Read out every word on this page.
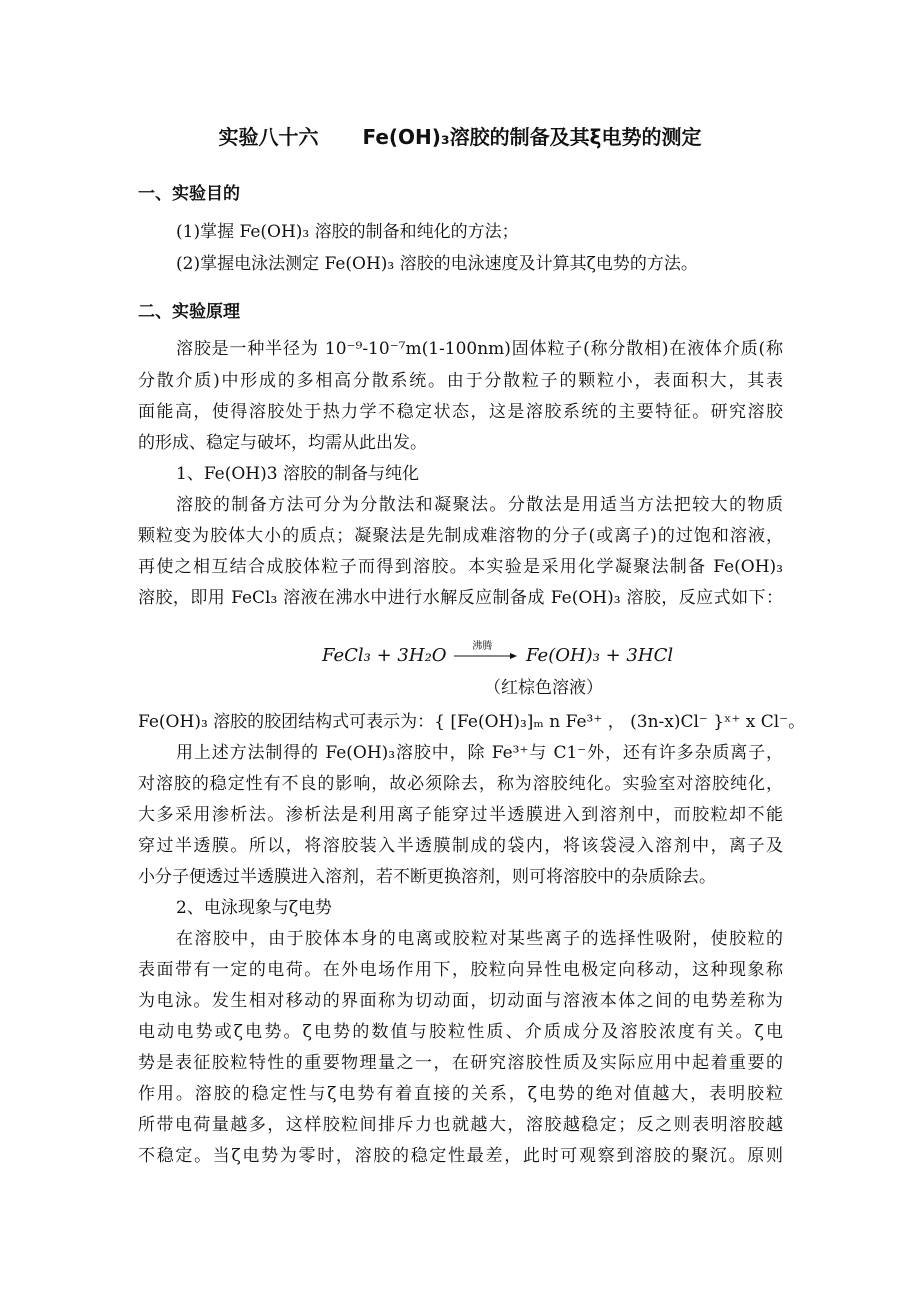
实验八十六 Fe(OH)₃溶胶的制备及其ξ电势的测定
一、实验目的
(1)掌握 Fe(OH)₃ 溶胶的制备和纯化的方法；
(2)掌握电泳法测定 Fe(OH)₃ 溶胶的电泳速度及计算其ζ电势的方法。
二、实验原理
溶胶是一种半径为 10⁻⁹-10⁻⁷m(1-100nm)固体粒子(称分散相)在液体介质(称
分散介质)中形成的多相高分散系统。由于分散粒子的颗粒小，表面积大，其表
面能高，使得溶胶处于热力学不稳定状态，这是溶胶系统的主要特征。研究溶胶
的形成、稳定与破坏，均需从此出发。
1、Fe(OH)3 溶胶的制备与纯化
溶胶的制备方法可分为分散法和凝聚法。分散法是用适当方法把较大的物质
颗粒变为胶体大小的质点；凝聚法是先制成难溶物的分子(或离子)的过饱和溶液，
再使之相互结合成胶体粒子而得到溶胶。本实验是采用化学凝聚法制备 Fe(OH)₃
溶胶，即用 FeCl₃ 溶液在沸水中进行水解反应制备成 Fe(OH)₃ 溶胶，反应式如下：
FeCl₃ + 3H₂O	沸腾	Fe(OH)₃ + 3HCl
（红棕色溶液）
Fe(OH)₃ 溶胶的胶团结构式可表示为：{ [Fe(OH)₃]ₘ n Fe³⁺ ， (3n-x)Cl⁻ }ˣ⁺ x Cl⁻。
用上述方法制得的 Fe(OH)₃溶胶中，除 Fe³⁺与 C1⁻外，还有许多杂质离子，
对溶胶的稳定性有不良的影响，故必须除去，称为溶胶纯化。实验室对溶胶纯化，
大多采用渗析法。渗析法是利用离子能穿过半透膜进入到溶剂中，而胶粒却不能
穿过半透膜。所以，将溶胶装入半透膜制成的袋内，将该袋浸入溶剂中，离子及
小分子便透过半透膜进入溶剂，若不断更换溶剂，则可将溶胶中的杂质除去。
2、电泳现象与ζ电势
在溶胶中，由于胶体本身的电离或胶粒对某些离子的选择性吸附，使胶粒的
表面带有一定的电荷。在外电场作用下，胶粒向异性电极定向移动，这种现象称
为电泳。发生相对移动的界面称为切动面，切动面与溶液本体之间的电势差称为
电动电势或ζ电势。ζ电势的数值与胶粒性质、介质成分及溶胶浓度有关。ζ电
势是表征胶粒特性的重要物理量之一，在研究溶胶性质及实际应用中起着重要的
作用。溶胶的稳定性与ζ电势有着直接的关系，ζ电势的绝对值越大，表明胶粒
所带电荷量越多，这样胶粒间排斥力也就越大，溶胶越稳定；反之则表明溶胶越
不稳定。当ζ电势为零时，溶胶的稳定性最差，此时可观察到溶胶的聚沉。原则
